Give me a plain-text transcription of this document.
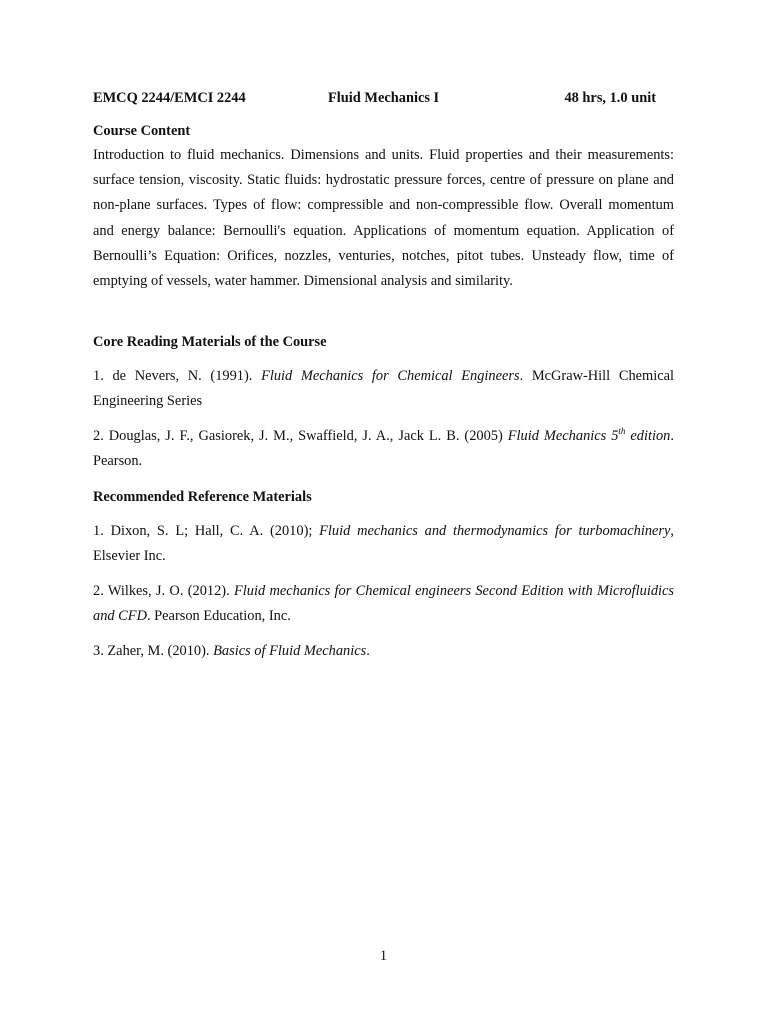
EMCQ 2244/EMCI 2244	Fluid Mechanics I	48 hrs, 1.0 unit
Course Content
Introduction to fluid mechanics. Dimensions and units. Fluid properties and their measurements: surface tension, viscosity. Static fluids: hydrostatic pressure forces, centre of pressure on plane and non-plane surfaces. Types of flow: compressible and non-compressible flow. Overall momentum and energy balance: Bernoulli's equation. Applications of momentum equation. Application of Bernoulli’s Equation: Orifices, nozzles, venturies, notches, pitot tubes. Unsteady flow, time of emptying of vessels, water hammer. Dimensional analysis and similarity.
Core Reading Materials of the Course
1. de Nevers, N. (1991). Fluid Mechanics for Chemical Engineers. McGraw-Hill Chemical Engineering Series
2. Douglas, J. F., Gasiorek, J. M., Swaffield, J. A., Jack L. B. (2005) Fluid Mechanics 5th edition. Pearson.
Recommended Reference Materials
1. Dixon, S. L; Hall, C. A. (2010); Fluid mechanics and thermodynamics for turbomachinery, Elsevier Inc.
2. Wilkes, J. O. (2012). Fluid mechanics for Chemical engineers Second Edition with Microfluidics and CFD. Pearson Education, Inc.
3. Zaher, M. (2010). Basics of Fluid Mechanics.
1
